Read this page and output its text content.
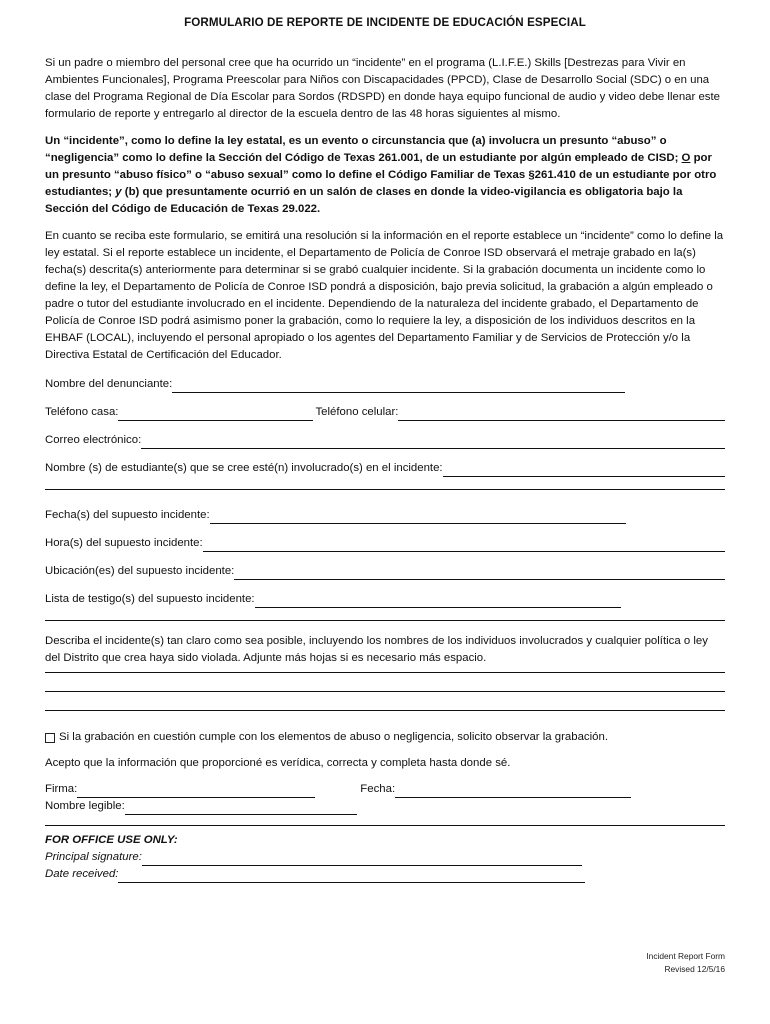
FORMULARIO DE REPORTE DE INCIDENTE DE EDUCACIÓN ESPECIAL

Si un padre o miembro del personal cree que ha ocurrido un “incidente” en el programa (L.I.F.E.) Skills [Destrezas para Vivir en Ambientes Funcionales], Programa Preescolar para Niños con Discapacidades (PPCD), Clase de Desarrollo Social (SDC) o en una clase del Programa Regional de Día Escolar para Sordos (RDSPD) en donde haya equipo funcional de audio y video debe llenar este formulario de reporte y entregarlo al director de la escuela dentro de las 48 horas siguientes al mismo.

Un “incidente”, como lo define la ley estatal, es un evento o circunstancia que (a) involucra un presunto “abuso” o “negligencia” como lo define la Sección del Código de Texas 261.001, de un estudiante por algún empleado de CISD; O por un presunto “abuso físico” o “abuso sexual” como lo define el Código Familiar de Texas §261.410 de un estudiante por otro estudiantes; y (b) que presuntamente ocurrió en un salón de clases en donde la video-vigilancia es obligatoria bajo la Sección del Código de Educación de Texas 29.022.

En cuanto se reciba este formulario, se emitirá una resolución si la información en el reporte establece un “incidente” como lo define la ley estatal. Si el reporte establece un incidente, el Departamento de Policía de Conroe ISD observará el metraje grabado en la(s) fecha(s) descrita(s) anteriormente para determinar si se grabó cualquier incidente. Si la grabación documenta un incidente como lo define la ley, el Departamento de Policía de Conroe ISD pondrá a disposición, bajo previa solicitud, la grabación a algún empleado o padre o tutor del estudiante involucrado en el incidente. Dependiendo de la naturaleza del incidente grabado, el Departamento de Policía de Conroe ISD podrá asimismo poner la grabación, como lo requiere la ley, a disposición de los individuos descritos en la EHBAF (LOCAL), incluyendo el personal apropiado o los agentes del Departamento Familiar y de Servicios de Protección y/o la Directiva Estatal de Certificación del Educador.

Nombre del denunciante:
Teléfono casa:	Teléfono celular:
Correo electrónico:
Nombre (s) de estudiante(s) que se cree esté(n) involucrado(s) en el incidente:
Fecha(s) del supuesto incidente:
Hora(s) del supuesto incidente:
Ubicación(es) del supuesto incidente:
Lista de testigo(s) del supuesto incidente:

Describa el incidente(s) tan claro como sea posible, incluyendo los nombres de los individuos involucrados y cualquier política o ley del Distrito que crea haya sido violada. Adjunte más hojas si es necesario más espacio.

Si la grabación en cuestión cumple con los elementos de abuso o negligencia, solicito observar la grabación.

Acepto que la información que proporcioné es verídica, correcta y completa hasta donde sé.

Firma:	Fecha:
Nombre legible:
FOR OFFICE USE ONLY:
Principal signature:
Date received:
Incident Report Form
Revised 12/5/16
